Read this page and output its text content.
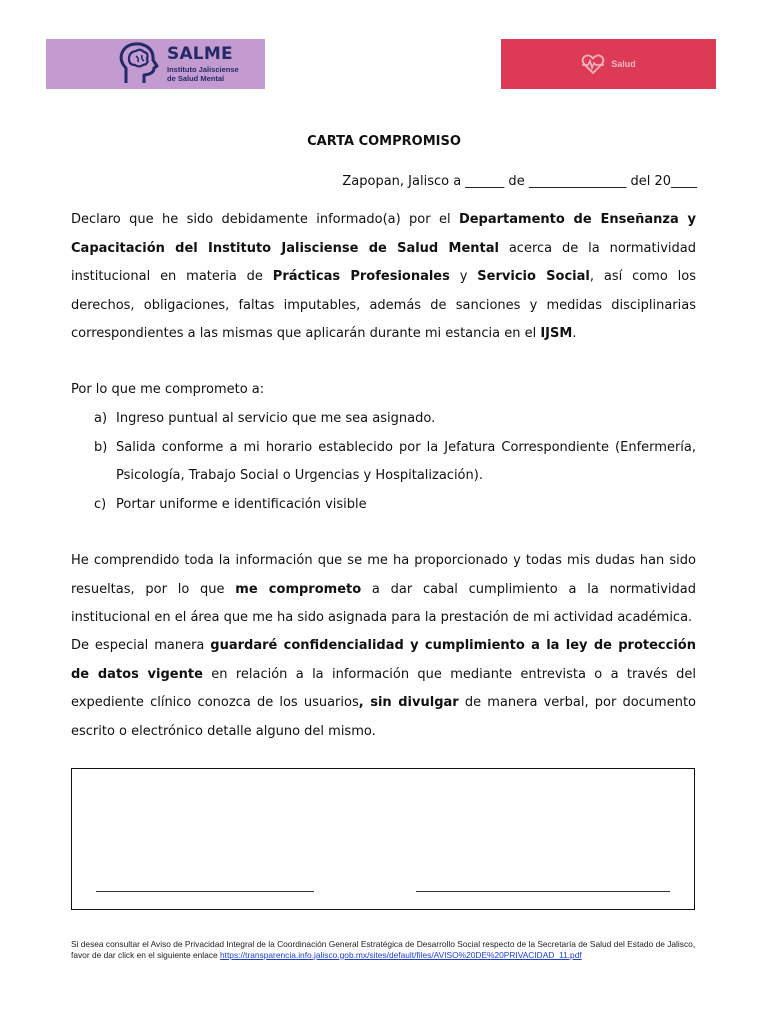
SALME
Instituto Jalisciense
de Salud Mental
Salud
CARTA COMPROMISO
Zapopan, Jalisco a ______ de _______________ del 20____
Declaro que he sido debidamente informado(a) por el Departamento de Enseñanza y Capacitación del Instituto Jalisciense de Salud Mental acerca de la normatividad institucional en materia de Prácticas Profesionales y Servicio Social, así como los derechos, obligaciones, faltas imputables, además de sanciones y medidas disciplinarias correspondientes a las mismas que aplicarán durante mi estancia en el IJSM.
Por lo que me comprometo a:
a) Ingreso puntual al servicio que me sea asignado.
b) Salida conforme a mi horario establecido por la Jefatura Correspondiente (Enfermería, Psicología, Trabajo Social o Urgencias y Hospitalización).
c) Portar uniforme e identificación visible
He comprendido toda la información que se me ha proporcionado y todas mis dudas han sido resueltas, por lo que me comprometo a dar cabal cumplimiento a la normatividad institucional en el área que me ha sido asignada para la prestación de mi actividad académica.
De especial manera guardaré confidencialidad y cumplimiento a la ley de protección de datos vigente en relación a la información que mediante entrevista o a través del expediente clínico conozca de los usuarios, sin divulgar de manera verbal, por documento escrito o electrónico detalle alguno del mismo.
Si desea consultar el Aviso de Privacidad Integral de la Coordinación General Estratégica de Desarrollo Social respecto de la Secretaría de Salud del Estado de Jalisco, favor de dar click en el siguiente enlace https://transparencia.info.jalisco.gob.mx/sites/default/files/AVISO%20DE%20PRIVACIDAD_11.pdf
